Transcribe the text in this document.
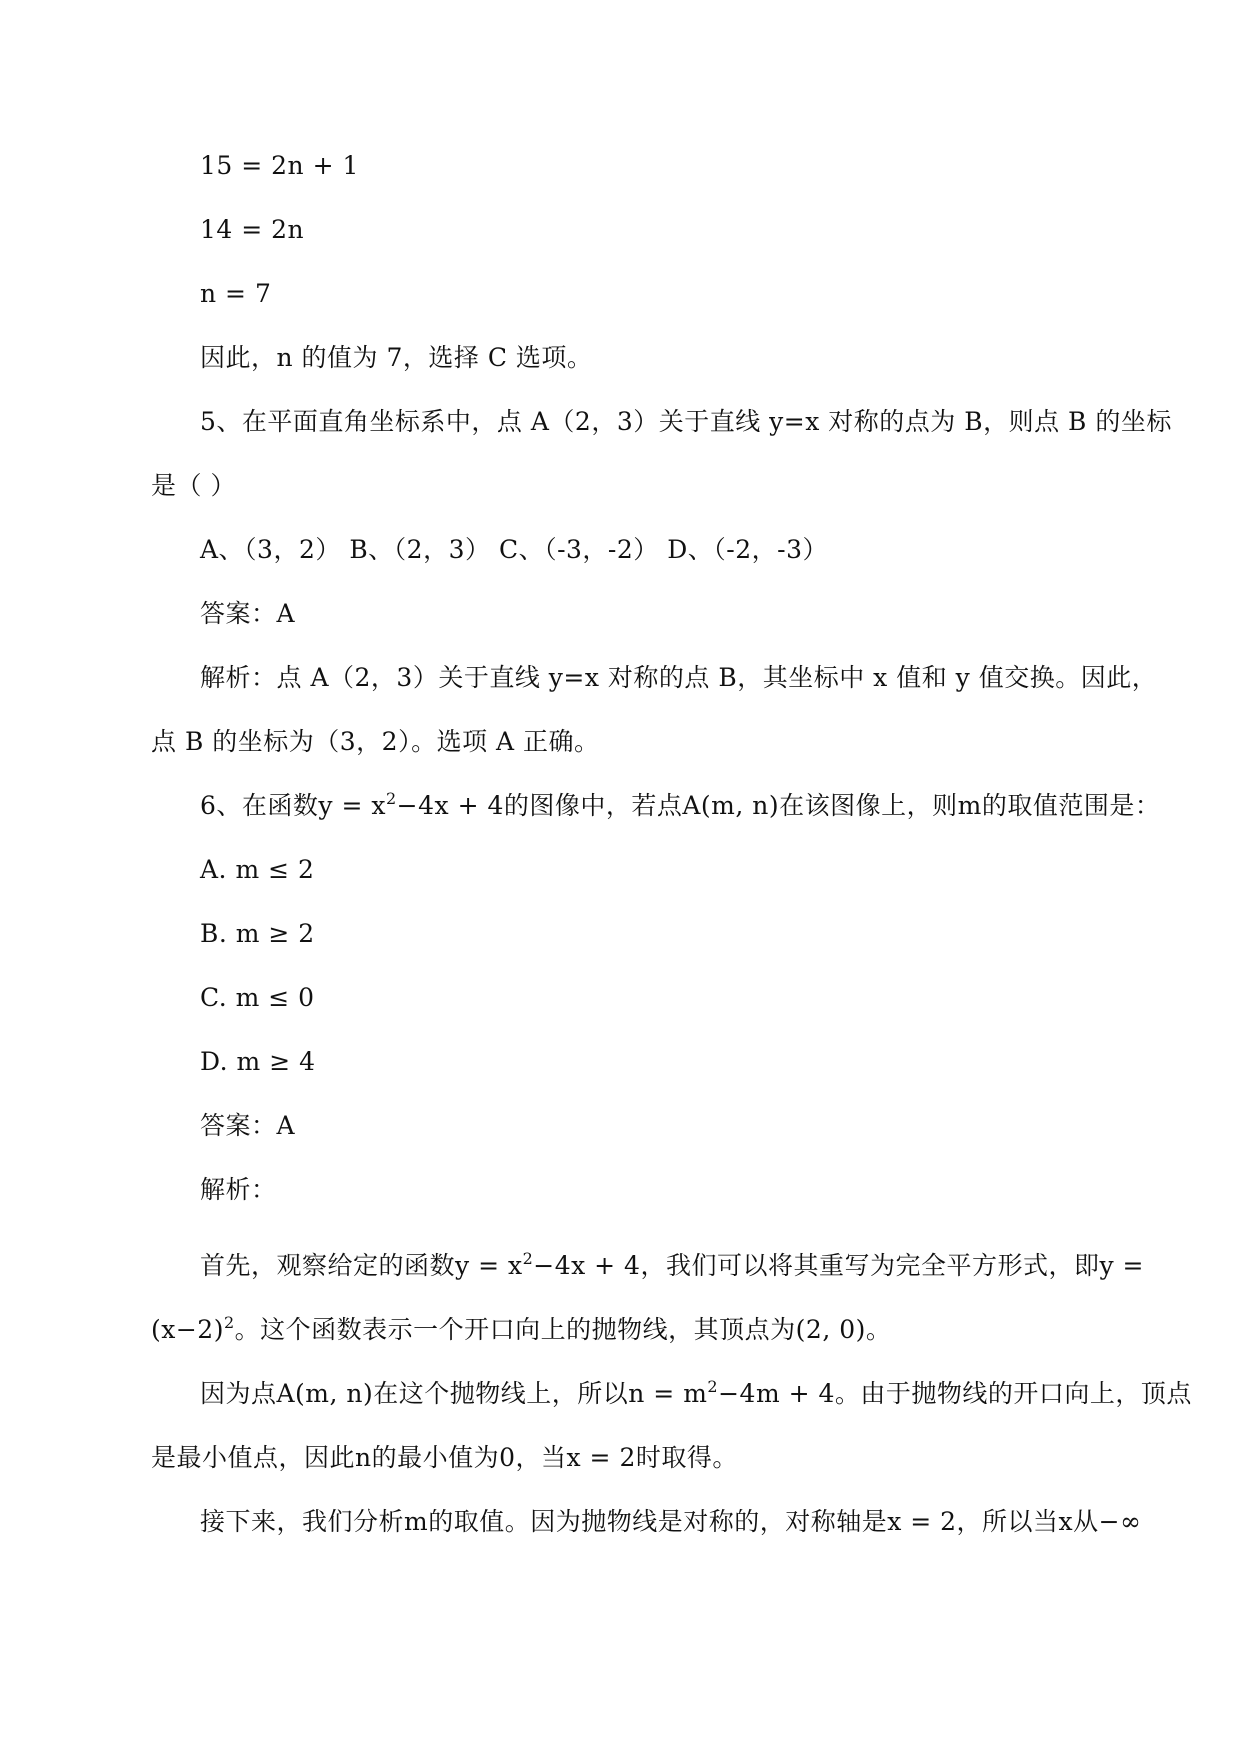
15 = 2n + 1
14 = 2n
n = 7
因此，n 的值为 7，选择 C 选项。
5、在平面直角坐标系中，点 A（2，3）关于直线 y=x 对称的点为 B，则点 B 的坐标
是（ ）
A、（3，2） B、（2，3） C、（-3，-2） D、（-2，-3）
答案：A
解析：点 A（2，3）关于直线 y=x 对称的点 B，其坐标中 x 值和 y 值交换。因此，
点 B 的坐标为（3，2）。选项 A 正确。
6、在函数$y = x^2-4x + 4$的图像中，若点A(m, n)在该图像上，则m的取值范围是：
A. m ≤ 2
B. m ≥ 2
C. m ≤ 0
D. m ≥ 4
答案：A
解析：
首先，观察给定的函数$y = x^2-4x + 4$，我们可以将其重写为完全平方形式，即y =
$(x-2)^2$。这个函数表示一个开口向上的抛物线，其顶点为(2, 0)。
因为点A(m, n)在这个抛物线上，所以$n = m^2-4m + 4$。由于抛物线的开口向上，顶点
是最小值点，因此n的最小值为0，当x = 2时取得。
接下来，我们分析m的取值。因为抛物线是对称的，对称轴是x = 2，所以当x从−∞
